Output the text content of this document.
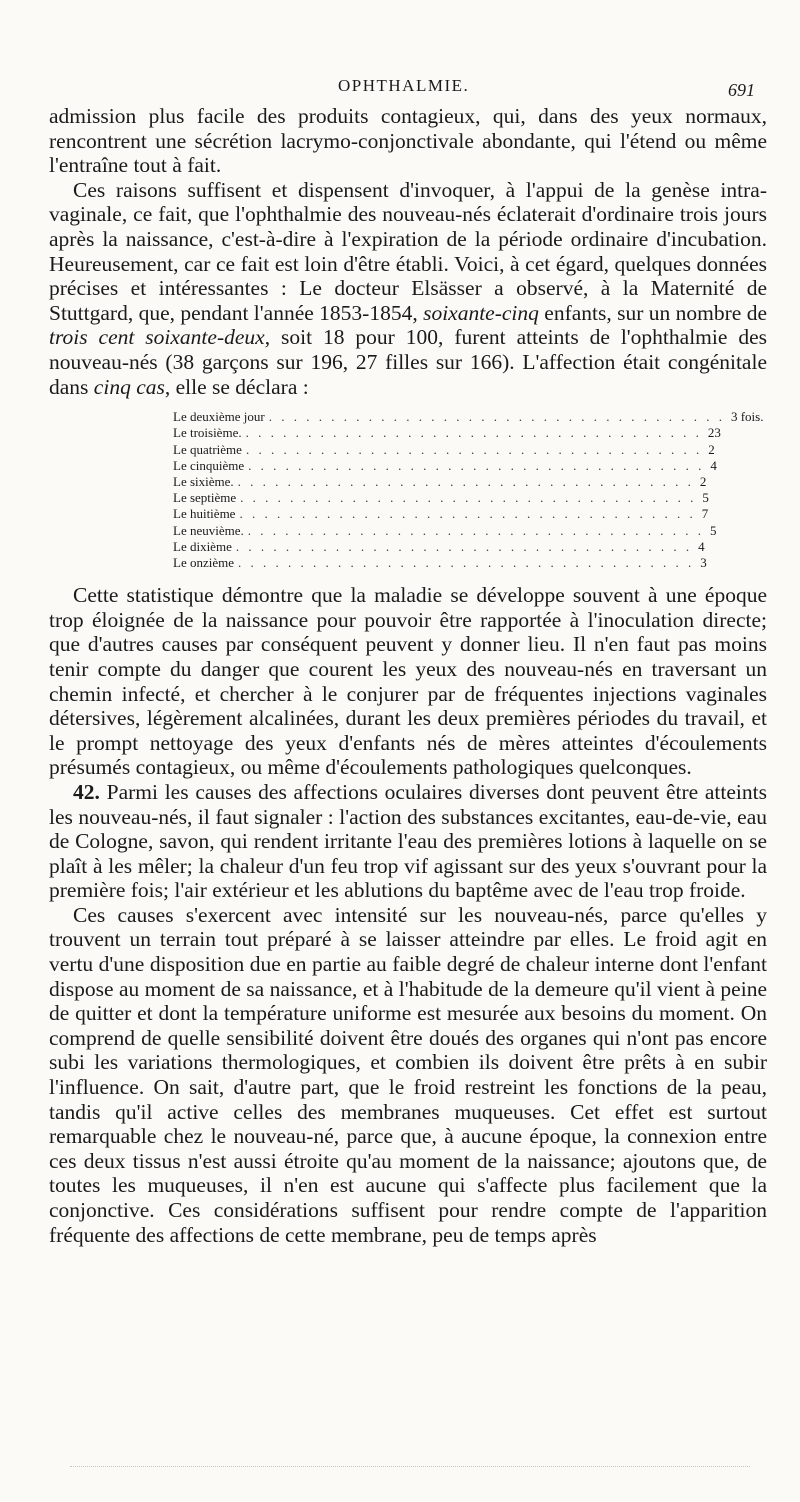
OPHTHALMIE.	691

admission plus facile des produits contagieux, qui, dans des yeux normaux, rencontrent une sécrétion lacrymo-conjonctivale abondante, qui l'étend ou même l'entraîne tout à fait.

Ces raisons suffisent et dispensent d'invoquer, à l'appui de la genèse intra-vaginale, ce fait, que l'ophthalmie des nouveau-nés éclaterait d'ordinaire trois jours après la naissance, c'est-à-dire à l'expiration de la période ordinaire d'incubation. Heureusement, car ce fait est loin d'être établi. Voici, à cet égard, quelques données précises et intéressantes : Le docteur Elsässer a observé, à la Maternité de Stuttgard, que, pendant l'année 1853-1854, soixante-cinq enfants, sur un nombre de trois cent soixante-deux, soit 18 pour 100, furent atteints de l'ophthalmie des nouveau-nés (38 garçons sur 196, 27 filles sur 166). L'affection était congénitale dans cinq cas, elle se déclara :

Le deuxième jour . . . . . . . . . . . . . . . . . . . . . . . . . . . . . . . . . . . . . 3 fois.
Le troisième. . . . . . . . . . . . . . . . . . . . . . . . . . . . . . . . . . . . . . 23
Le quatrième . . . . . . . . . . . . . . . . . . . . . . . . . . . . . . . . . . . . . 2
Le cinquième . . . . . . . . . . . . . . . . . . . . . . . . . . . . . . . . . . . . . 4
Le sixième. . . . . . . . . . . . . . . . . . . . . . . . . . . . . . . . . . . . . . 2
Le septième . . . . . . . . . . . . . . . . . . . . . . . . . . . . . . . . . . . . . 5
Le huitième . . . . . . . . . . . . . . . . . . . . . . . . . . . . . . . . . . . . . 7
Le neuvième. . . . . . . . . . . . . . . . . . . . . . . . . . . . . . . . . . . . . . 5
Le dixième . . . . . . . . . . . . . . . . . . . . . . . . . . . . . . . . . . . . . 4
Le onzième . . . . . . . . . . . . . . . . . . . . . . . . . . . . . . . . . . . . . 3

Cette statistique démontre que la maladie se développe souvent à une époque trop éloignée de la naissance pour pouvoir être rapportée à l'inoculation directe; que d'autres causes par conséquent peuvent y donner lieu. Il n'en faut pas moins tenir compte du danger que courent les yeux des nouveau-nés en traversant un chemin infecté, et chercher à le conjurer par de fréquentes injections vaginales détersives, légèrement alcalinées, durant les deux premières périodes du travail, et le prompt nettoyage des yeux d'enfants nés de mères atteintes d'écoulements présumés contagieux, ou même d'écoulements pathologiques quelconques.

42. Parmi les causes des affections oculaires diverses dont peuvent être atteints les nouveau-nés, il faut signaler : l'action des substances excitantes, eau-de-vie, eau de Cologne, savon, qui rendent irritante l'eau des premières lotions à laquelle on se plaît à les mêler; la chaleur d'un feu trop vif agissant sur des yeux s'ouvrant pour la première fois; l'air extérieur et les ablutions du baptême avec de l'eau trop froide.

Ces causes s'exercent avec intensité sur les nouveau-nés, parce qu'elles y trouvent un terrain tout préparé à se laisser atteindre par elles. Le froid agit en vertu d'une disposition due en partie au faible degré de chaleur interne dont l'enfant dispose au moment de sa naissance, et à l'habitude de la demeure qu'il vient à peine de quitter et dont la température uniforme est mesurée aux besoins du moment. On comprend de quelle sensibilité doivent être doués des organes qui n'ont pas encore subi les variations thermologiques, et combien ils doivent être prêts à en subir l'influence. On sait, d'autre part, que le froid restreint les fonctions de la peau, tandis qu'il active celles des membranes muqueuses. Cet effet est surtout remarquable chez le nouveau-né, parce que, à aucune époque, la connexion entre ces deux tissus n'est aussi étroite qu'au moment de la naissance; ajoutons que, de toutes les muqueuses, il n'en est aucune qui s'affecte plus facilement que la conjonctive. Ces considérations suffisent pour rendre compte de l'apparition fréquente des affections de cette membrane, peu de temps après
